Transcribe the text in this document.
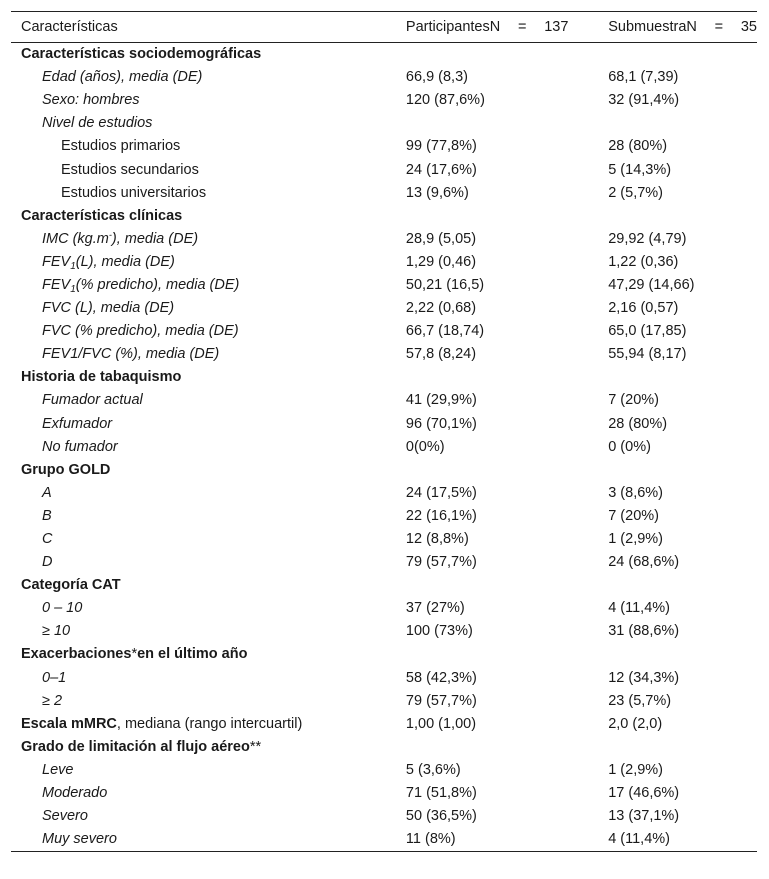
Características	ParticipantesN = 137	SubmuestraN = 35
Características sociodemográficas		
Edad (años), media (DE)	66,9 (8,3)	68,1 (7,39)
Sexo: hombres	120 (87,6%)	32 (91,4%)
Nivel de estudios		
Estudios primarios	99 (77,8%)	28 (80%)
Estudios secundarios	24 (17,6%)	5 (14,3%)
Estudios universitarios	13 (9,6%)	2 (5,7%)
Características clínicas		
IMC (kg.m-), media (DE)	28,9 (5,05)	29,92 (4,79)
$FEV_1(L)$, media (DE)	1,29 (0,46)	1,22 (0,36)
$FEV_1(\%$ predicho), media (DE)	50,21 (16,5)	47,29 (14,66)
FVC (L), media (DE)	2,22 (0,68)	2,16 (0,57)
FVC (% predicho), media (DE)	66,7 (18,74)	65,0 (17,85)
FEV1/FVC (%), media (DE)	57,8 (8,24)	55,94 (8,17)
Historia de tabaquismo		
Fumador actual	41 (29,9%)	7 (20%)
Exfumador	96 (70,1%)	28 (80%)
No fumador	0(0%)	0 (0%)
Grupo GOLD		
A	24 (17,5%)	3 (8,6%)
B	22 (16,1%)	7 (20%)
C	12 (8,8%)	1 (2,9%)
D	79 (57,7%)	24 (68,6%)
Categoría CAT		
0 – 10	37 (27%)	4 (11,4%)
≥ 10	100 (73%)	31 (88,6%)
Exacerbaciones*en el último año		
0–1	58 (42,3%)	12 (34,3%)
≥ 2	79 (57,7%)	23 (5,7%)
Escala mMRC, mediana (rango intercuartil)	1,00 (1,00)	2,0 (2,0)
Grado de limitación al flujo aéreo**		
Leve	5 (3,6%)	1 (2,9%)
Moderado	71 (51,8%)	17 (46,6%)
Severo	50 (36,5%)	13 (37,1%)
Muy severo	11 (8%)	4 (11,4%)
